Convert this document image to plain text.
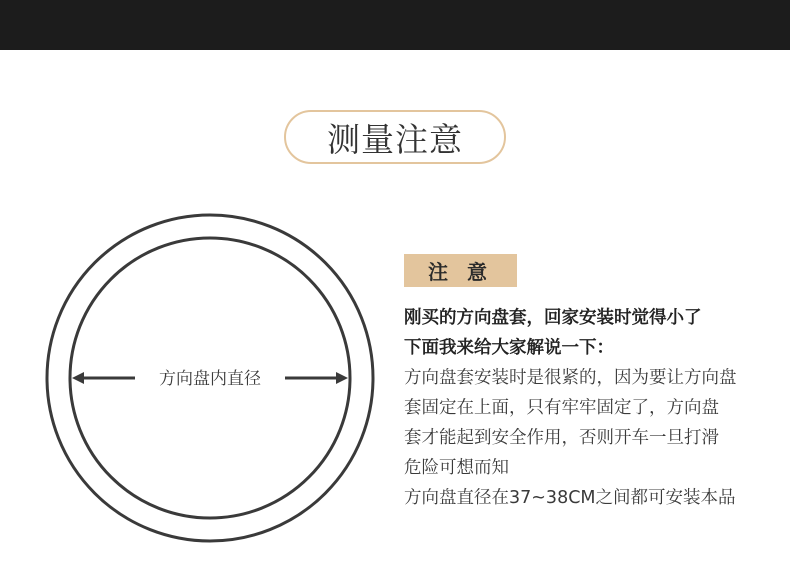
测量注意
方向盘内直径
注 意
刚买的方向盘套，回家安装时觉得小了
下面我来给大家解说一下：
方向盘套安装时是很紧的，因为要让方向盘
套固定在上面，只有牢牢固定了，方向盘
套才能起到安全作用，否则开车一旦打滑
危险可想而知
方向盘直径在37~38CM之间都可安装本品
